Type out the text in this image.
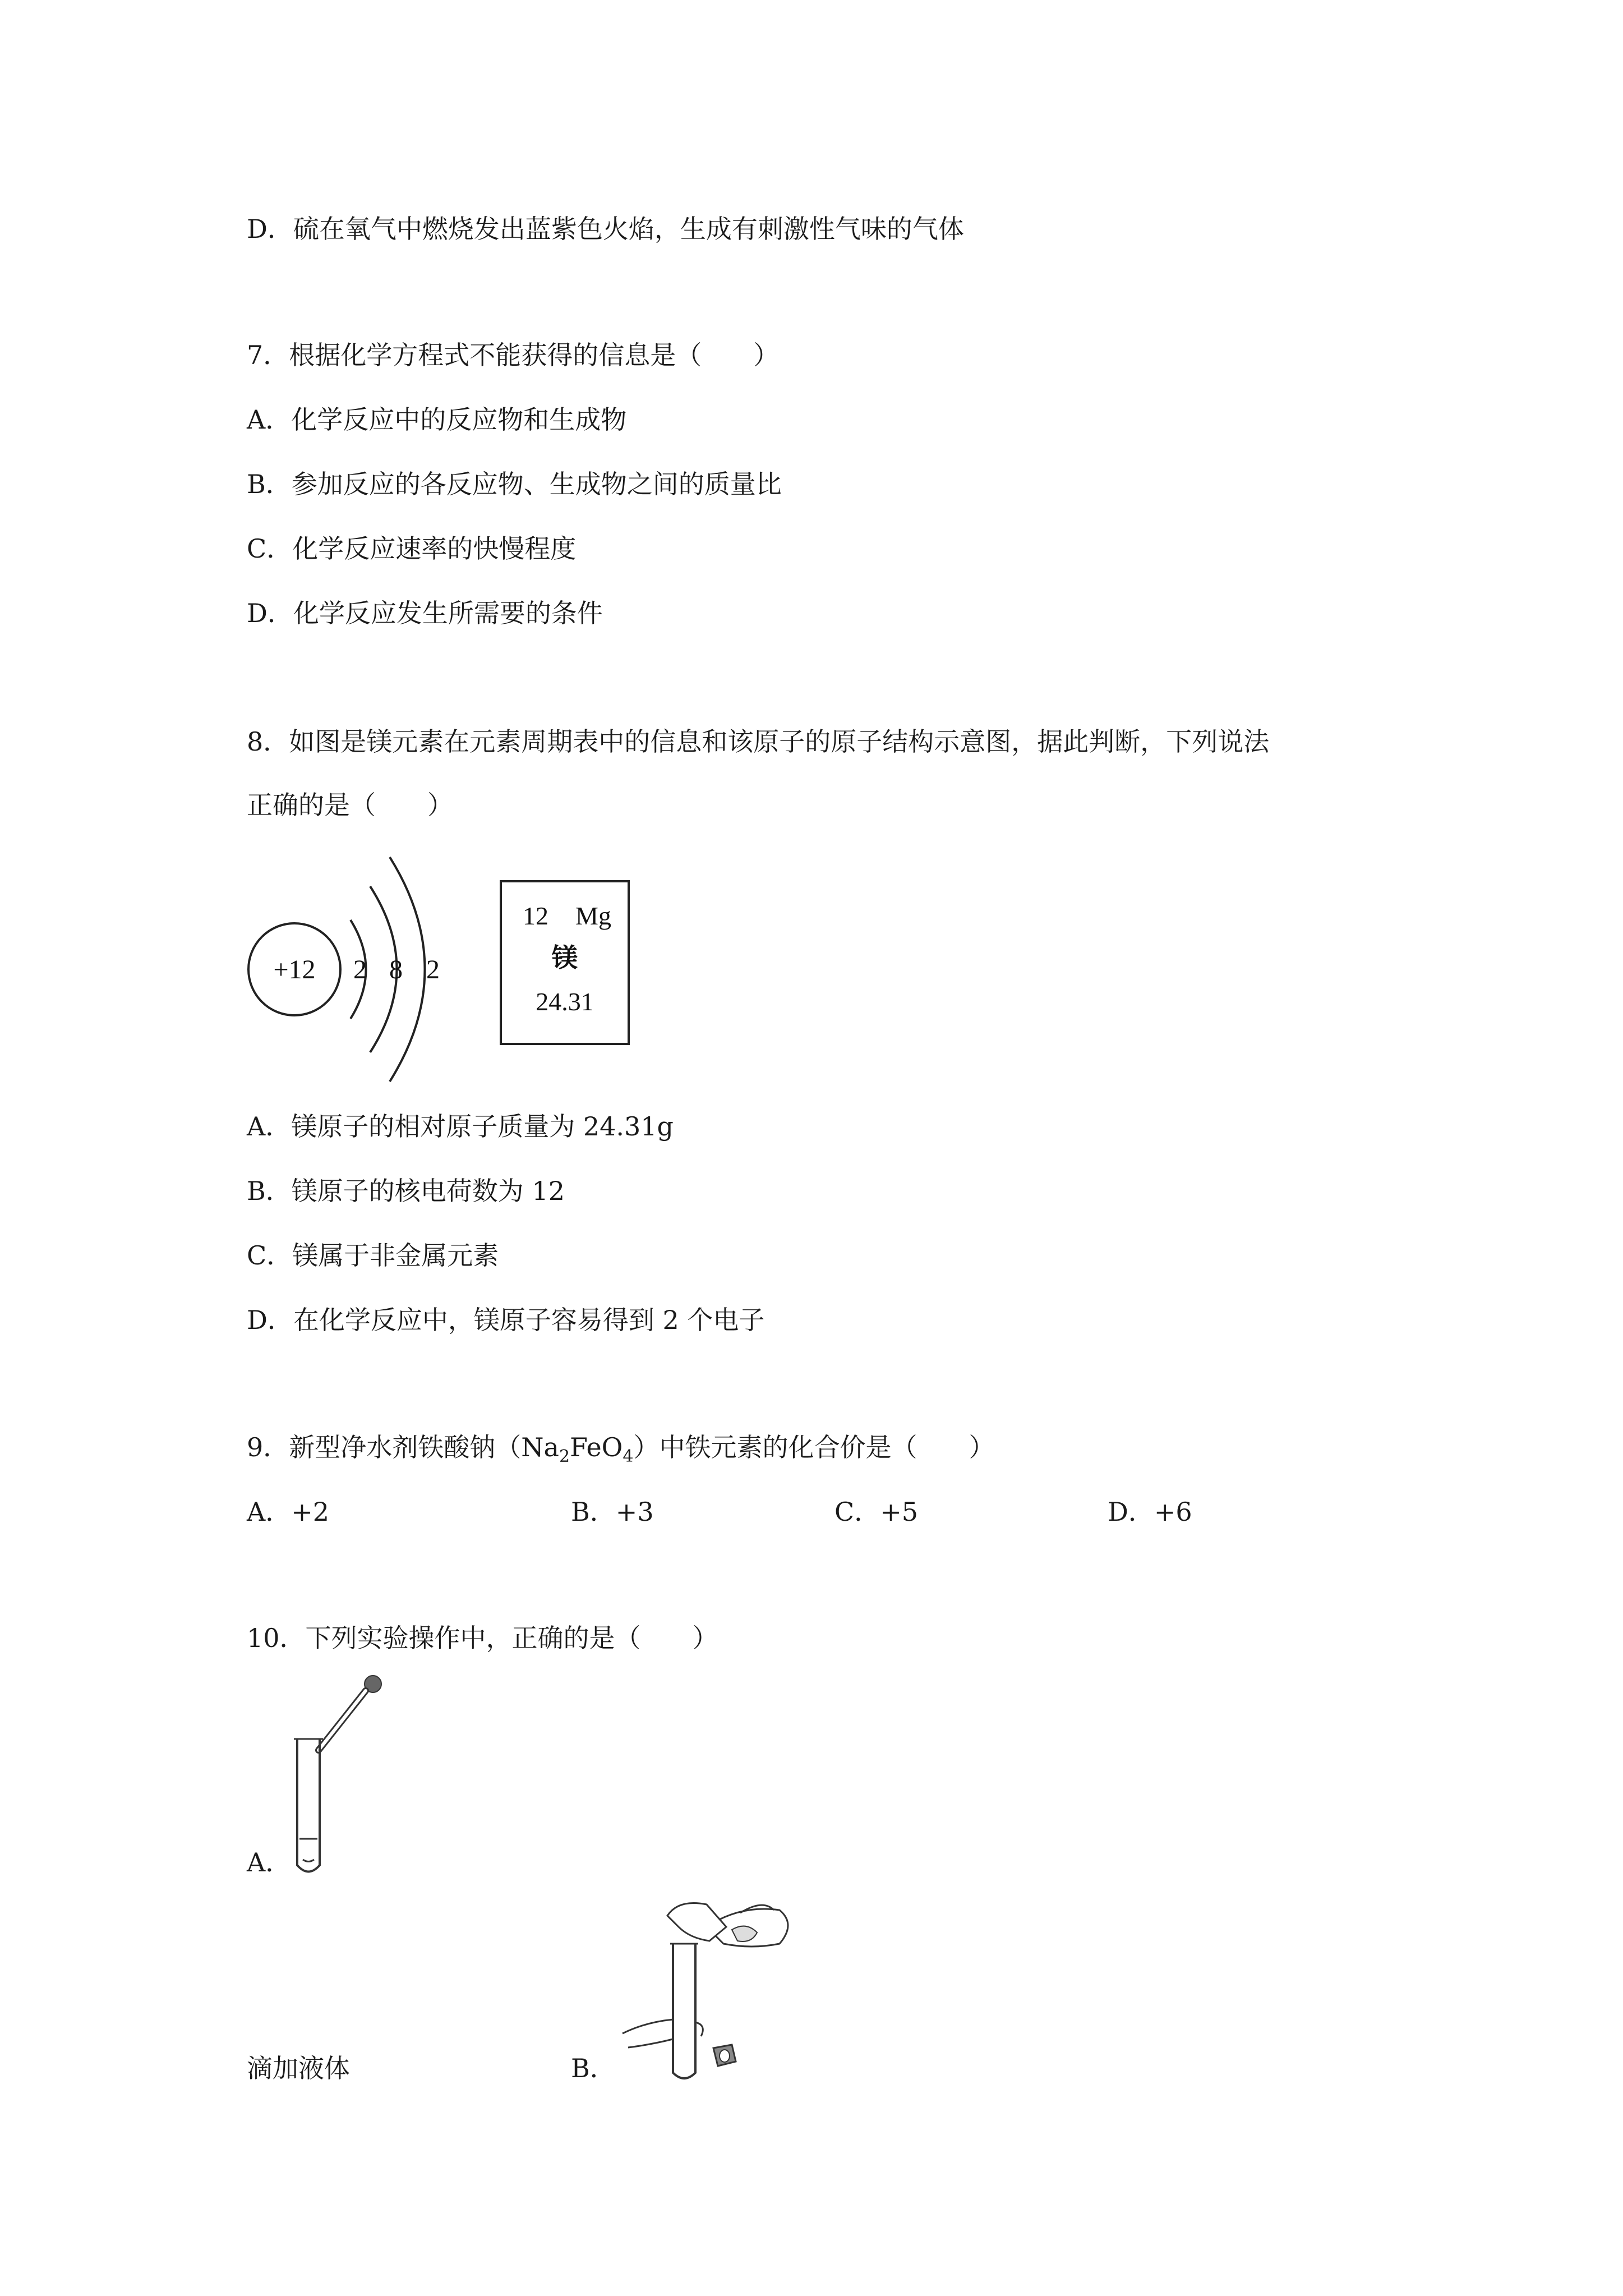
D．硫在氧气中燃烧发出蓝紫色火焰，生成有刺激性气味的气体
7．根据化学方程式不能获得的信息是（　　）
A．化学反应中的反应物和生成物
B．参加反应的各反应物、生成物之间的质量比
C．化学反应速率的快慢程度
D．化学反应发生所需要的条件
8．如图是镁元素在元素周期表中的信息和该原子的原子结构示意图，据此判断，下列说法
正确的是（　　）
+12 2 8 2
12 Mg
镁
24.31
A．镁原子的相对原子质量为 24.31g
B．镁原子的核电荷数为 12
C．镁属于非金属元素
D．在化学反应中，镁原子容易得到 2 个电子
9．新型净水剂铁酸钠$(Na_2FeO_4)$中铁元素的化合价是（　　）
A．+2	B．+3	C．+5	D．+6
10．下列实验操作中，正确的是（　　）
A．
滴加液体	B．
